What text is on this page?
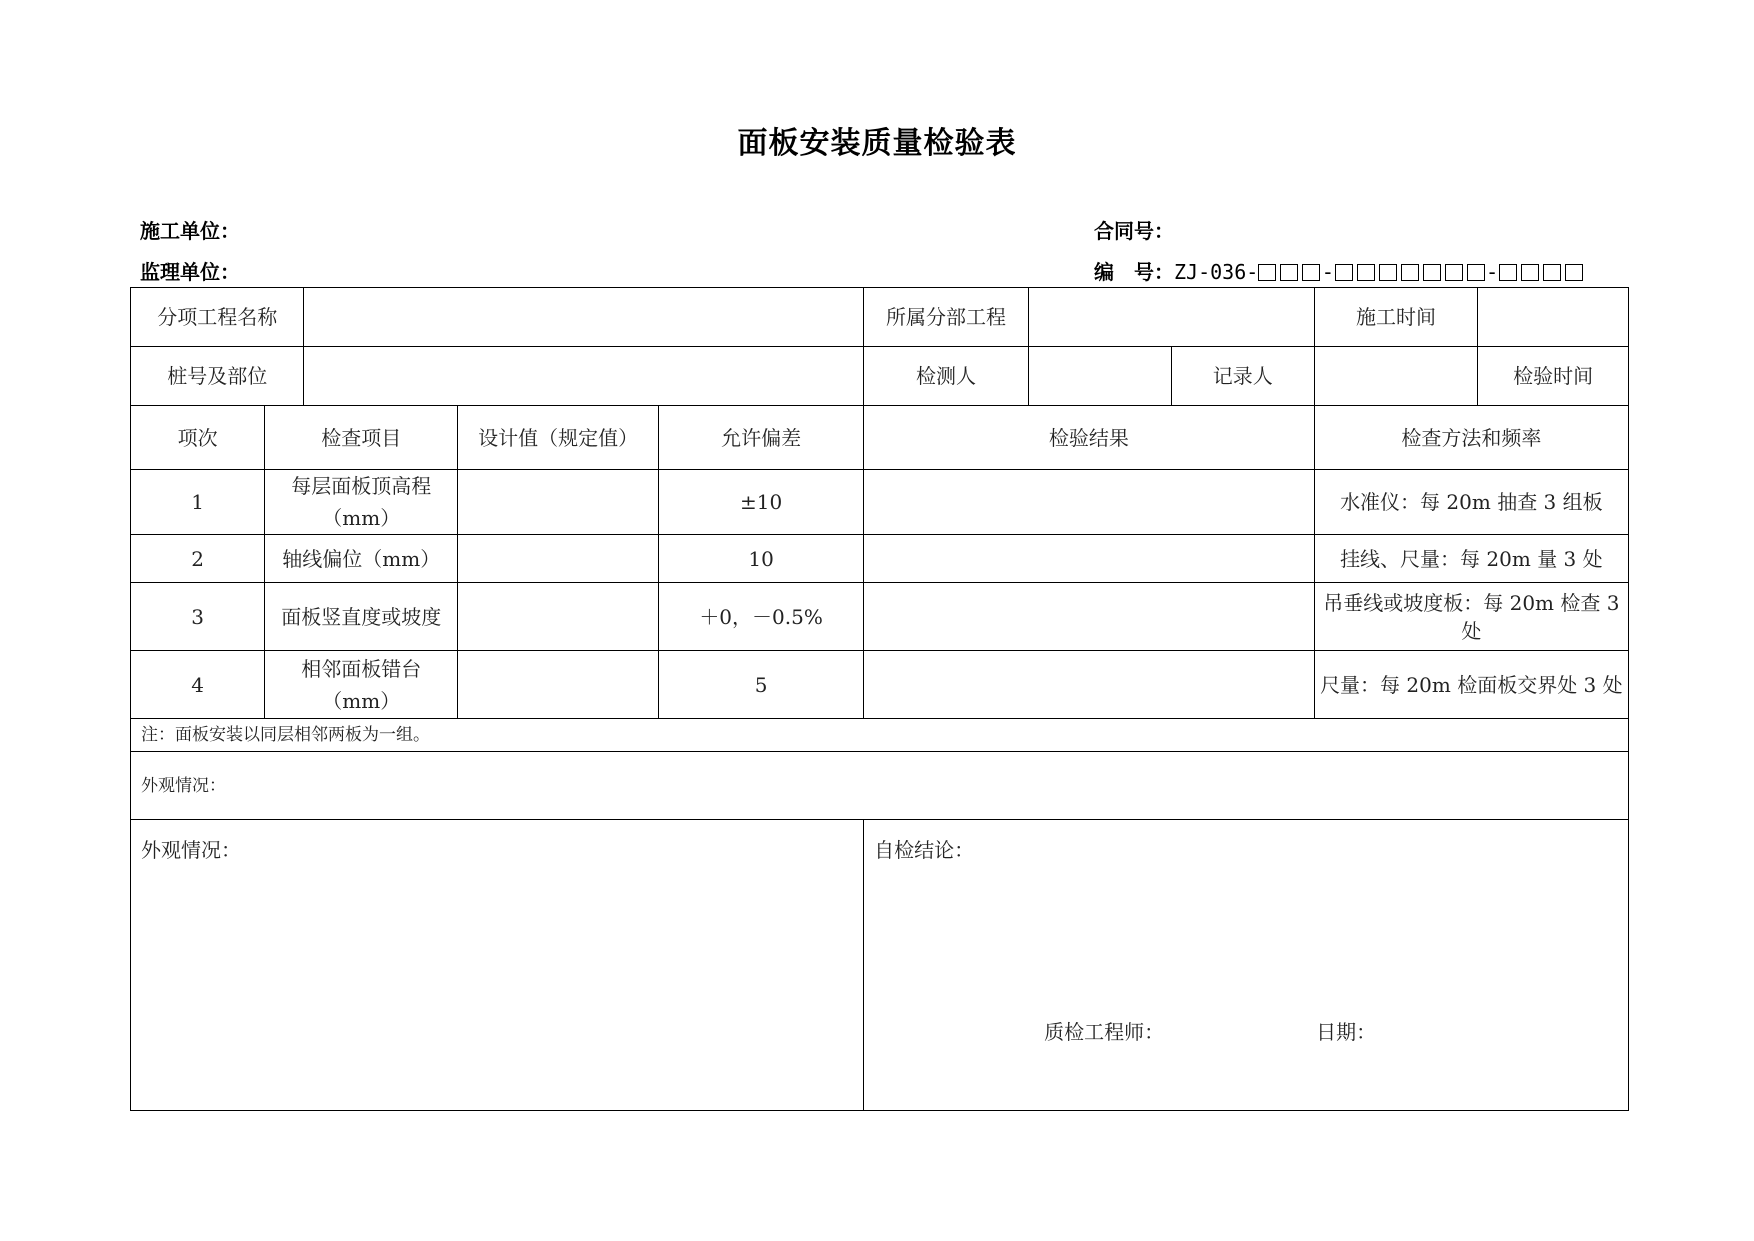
面板安装质量检验表
施工单位：
监理单位：
合同号：
编　号：ZJ-036-	-	-
分项工程名称					所属分部工程			施工时间	
桩号及部位					检测人		记录人		检验时间
项次	检查项目		设计值（规定值）	允许偏差	检验结果			检查方法和频率	
1	每层面板顶高程（mm）			±10				水准仪：每 20m 抽查 3 组板	
2	轴线偏位（mm）			10				挂线、尺量：每 20m 量 3 处	
3	面板竖直度或坡度			＋0，－0.5%				吊垂线或坡度板：每 20m 检查 3 处	
4	相邻面板错台（mm）			5				尺量：每 20m 检面板交界处 3 处	
注：面板安装以同层相邻两板为一组。									
外观情况：									

外观情况：					自检结论：
质检工程师： 日期：				
